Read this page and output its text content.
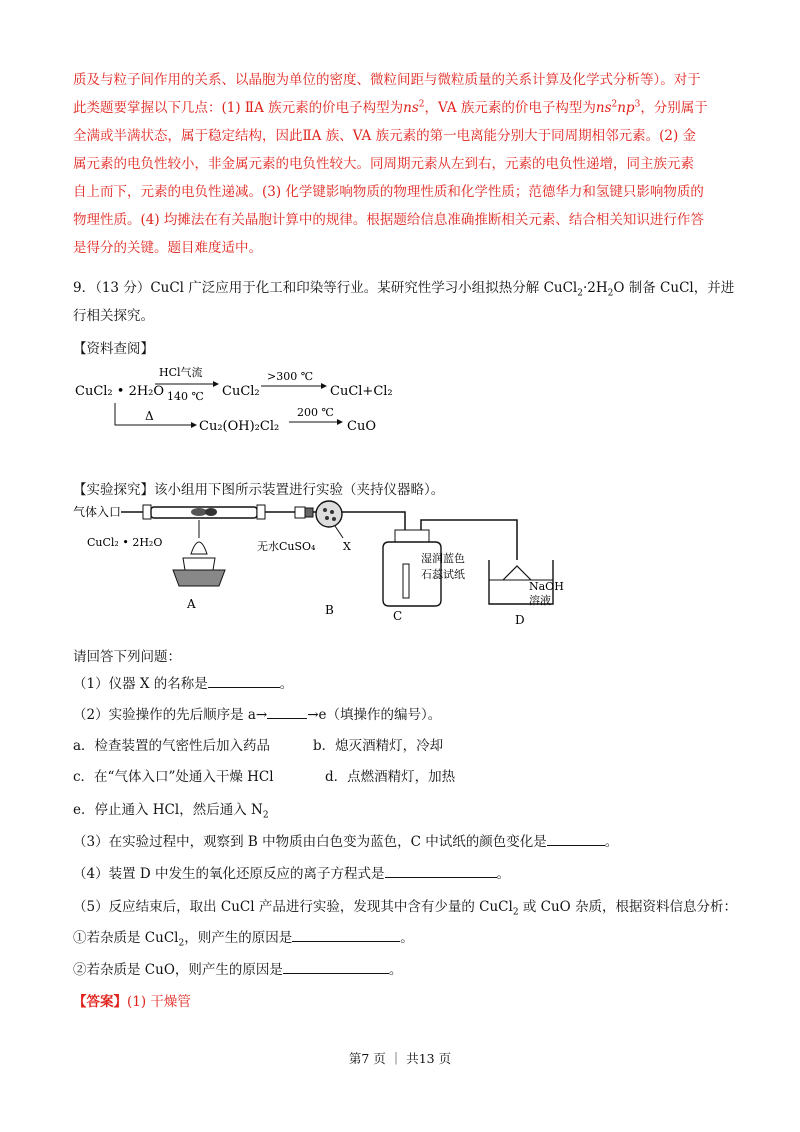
质及与粒子间作用的关系、以晶胞为单位的密度、微粒间距与微粒质量的关系计算及化学式分析等）。对于
此类题要掌握以下几点：(1) ⅡA 族元素的价电子构型为$ns^2$，VA 族元素的价电子构型为$ns^2np^3$，分别属于
全满或半满状态，属于稳定结构，因此ⅡA 族、VA 族元素的第一电离能分别大于同周期相邻元素。(2) 金
属元素的电负性较小，非金属元素的电负性较大。同周期元素从左到右，元素的电负性递增，同主族元素
自上而下，元素的电负性递减。(3) 化学键影响物质的物理性质和化学性质；范德华力和氢键只影响物质的
物理性质。(4) 均摊法在有关晶胞计算中的规律。根据题给信息准确推断相关元素、结合相关知识进行作答
是得分的关键。题目难度适中。
9．（13 分）CuCl 广泛应用于化工和印染等行业。某研究性学习小组拟热分解 $CuCl_2\cdot 2H_2O$ 制备 CuCl，并进
行相关探究。
【资料查阅】
CuCl₂ • 2H₂O
HCl气流
140 ℃ CuCl₂
>300 ℃
CuCl+Cl₂
Δ
Cu₂(OH)₂Cl₂
200 ℃
CuO
【实验探究】该小组用下图所示装置进行实验（夹持仪器略）。
气体入口
CuCl₂ • 2H₂O
A
无水CuSO₄	X
B
湿润蓝色
石蕊试纸
C
NaOH
溶液
D
请回答下列问题：
（1）仪器 X 的名称是	。
（2）实验操作的先后顺序是 a→	→e（填操作的编号）。
a．检查装置的气密性后加入药品	b．熄灭酒精灯，冷却
c．在“气体入口”处通入干燥 HCl	d．点燃酒精灯，加热
e．停止通入 HCl，然后通入 $N_2$
（3）在实验过程中，观察到 B 中物质由白色变为蓝色，C 中试纸的颜色变化是	。
（4）装置 D 中发生的氧化还原反应的离子方程式是	。
（5）反应结束后，取出 CuCl 产品进行实验，发现其中含有少量的 CuCl$_2$ 或 CuO 杂质，根据资料信息分析：
①若杂质是 CuCl$_2$，则产生的原因是	。
②若杂质是 CuO，则产生的原因是	。
【答案】(1) 干燥管
第7 页 ｜ 共13 页
